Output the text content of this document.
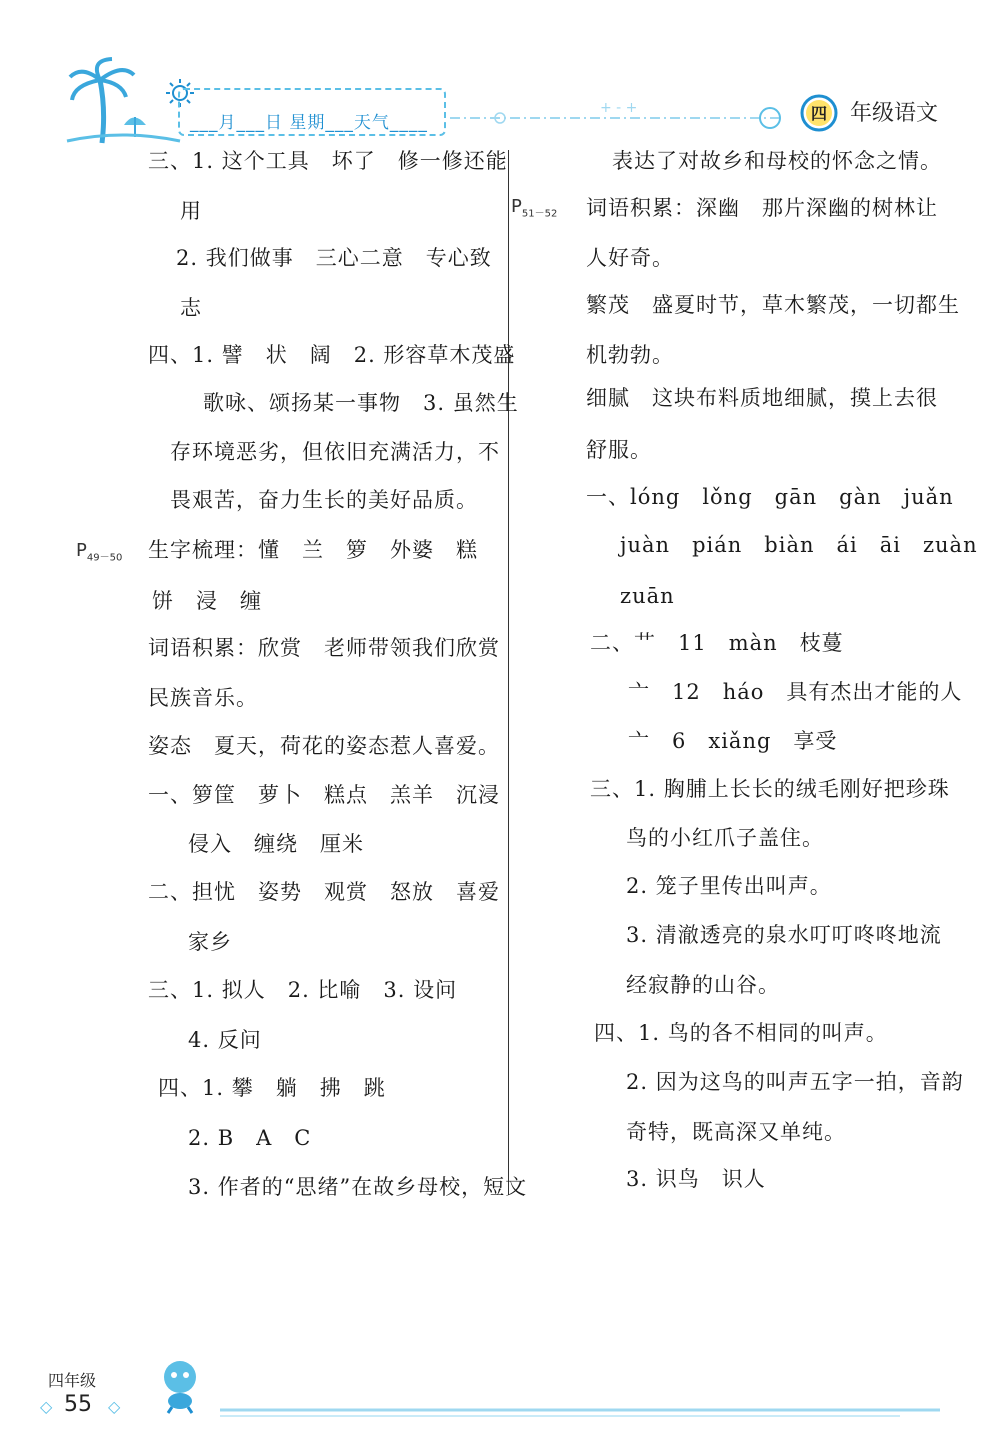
___月___日 星期___天气____
+ - +	四 年级语文
$P_{49-50}$
$P_{51-52}$
三、1. 这个工具　坏了　修一修还能
用
2. 我们做事　三心二意　专心致
志
四、1. 譬　状　阔　2. 形容草木茂盛
歌咏、颂扬某一事物　3. 虽然生
存环境恶劣，但依旧充满活力，不
畏艰苦，奋力生长的美好品质。
生字梳理：懂　兰　箩　外婆　糕
饼　浸　缠
词语积累：欣赏　老师带领我们欣赏
民族音乐。
姿态　夏天，荷花的姿态惹人喜爱。
一、箩筐　萝卜　糕点　羔羊　沉浸
侵入　缠绕　厘米
二、担忧　姿势　观赏　怒放　喜爱
家乡
三、1. 拟人　2. 比喻　3. 设问
4. 反问
四、1. 攀　躺　拂　跳
2. B　A　C
3. 作者的“思绪”在故乡母校，短文
表达了对故乡和母校的怀念之情。
词语积累：深幽　那片深幽的树林让
人好奇。
繁茂　盛夏时节，草木繁茂，一切都生
机勃勃。
细腻　这块布料质地细腻，摸上去很
舒服。
一、lóng　lǒng　gān　gàn　juǎn
juàn　pián　biàn　ái　āi　zuàn
zuān
二、艹　11　màn　枝蔓
亠　12　háo　具有杰出才能的人
亠　6　xiǎng　享受
三、1. 胸脯上长长的绒毛刚好把珍珠
鸟的小红爪子盖住。
2. 笼子里传出叫声。
3. 清澈透亮的泉水叮叮咚咚地流
经寂静的山谷。
四、1. 鸟的各不相同的叫声。
2. 因为这鸟的叫声五字一拍，音韵
奇特，既高深又单纯。
3. 识鸟　识人
◇	◇
四年级
55
